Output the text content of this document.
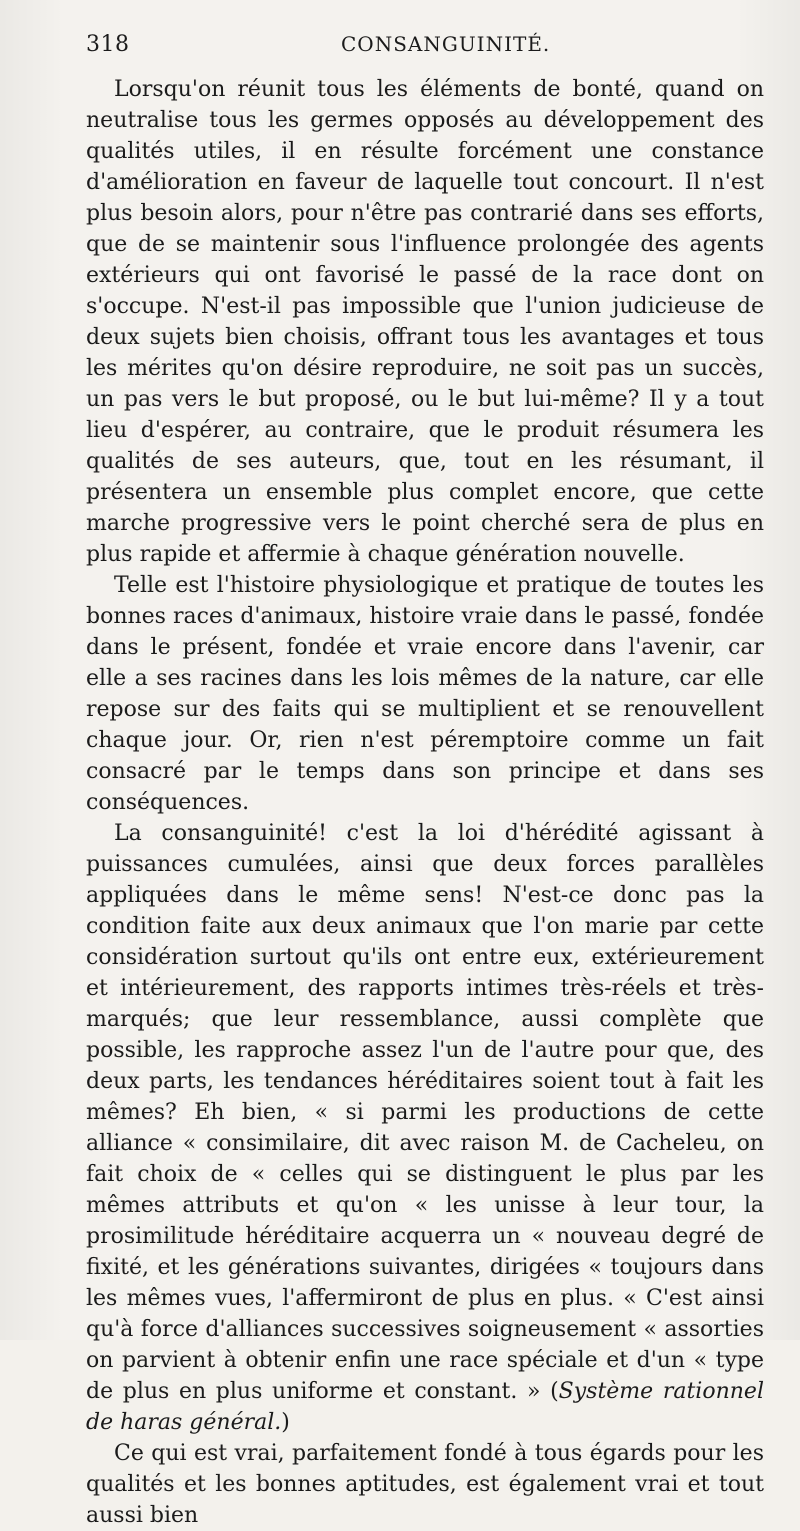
318	CONSANGUINITÉ.

Lorsqu'on réunit tous les éléments de bonté, quand on neutralise tous les germes opposés au développement des qualités utiles, il en résulte forcément une constance d'amélioration en faveur de laquelle tout concourt. Il n'est plus besoin alors, pour n'être pas contrarié dans ses efforts, que de se maintenir sous l'influence prolongée des agents extérieurs qui ont favorisé le passé de la race dont on s'occupe. N'est-il pas impossible que l'union judicieuse de deux sujets bien choisis, offrant tous les avantages et tous les mérites qu'on désire reproduire, ne soit pas un succès, un pas vers le but proposé, ou le but lui-même? Il y a tout lieu d'espérer, au contraire, que le produit résumera les qualités de ses auteurs, que, tout en les résumant, il présentera un ensemble plus complet encore, que cette marche progressive vers le point cherché sera de plus en plus rapide et affermie à chaque génération nouvelle.

Telle est l'histoire physiologique et pratique de toutes les bonnes races d'animaux, histoire vraie dans le passé, fondée dans le présent, fondée et vraie encore dans l'avenir, car elle a ses racines dans les lois mêmes de la nature, car elle repose sur des faits qui se multiplient et se renouvellent chaque jour. Or, rien n'est péremptoire comme un fait consacré par le temps dans son principe et dans ses conséquences.

La consanguinité! c'est la loi d'hérédité agissant à puissances cumulées, ainsi que deux forces parallèles appliquées dans le même sens! N'est-ce donc pas la condition faite aux deux animaux que l'on marie par cette considération surtout qu'ils ont entre eux, extérieurement et intérieurement, des rapports intimes très-réels et très-marqués; que leur ressemblance, aussi complète que possible, les rapproche assez l'un de l'autre pour que, des deux parts, les tendances héréditaires soient tout à fait les mêmes? Eh bien, « si parmi les productions de cette alliance « consimilaire, dit avec raison M. de Cacheleu, on fait choix de « celles qui se distinguent le plus par les mêmes attributs et qu'on « les unisse à leur tour, la prosimilitude héréditaire acquerra un « nouveau degré de fixité, et les générations suivantes, dirigées « toujours dans les mêmes vues, l'affermiront de plus en plus. « C'est ainsi qu'à force d'alliances successives soigneusement « assorties on parvient à obtenir enfin une race spéciale et d'un « type de plus en plus uniforme et constant. » (Système rationnel de haras général.)

Ce qui est vrai, parfaitement fondé à tous égards pour les qualités et les bonnes aptitudes, est également vrai et tout aussi bien
